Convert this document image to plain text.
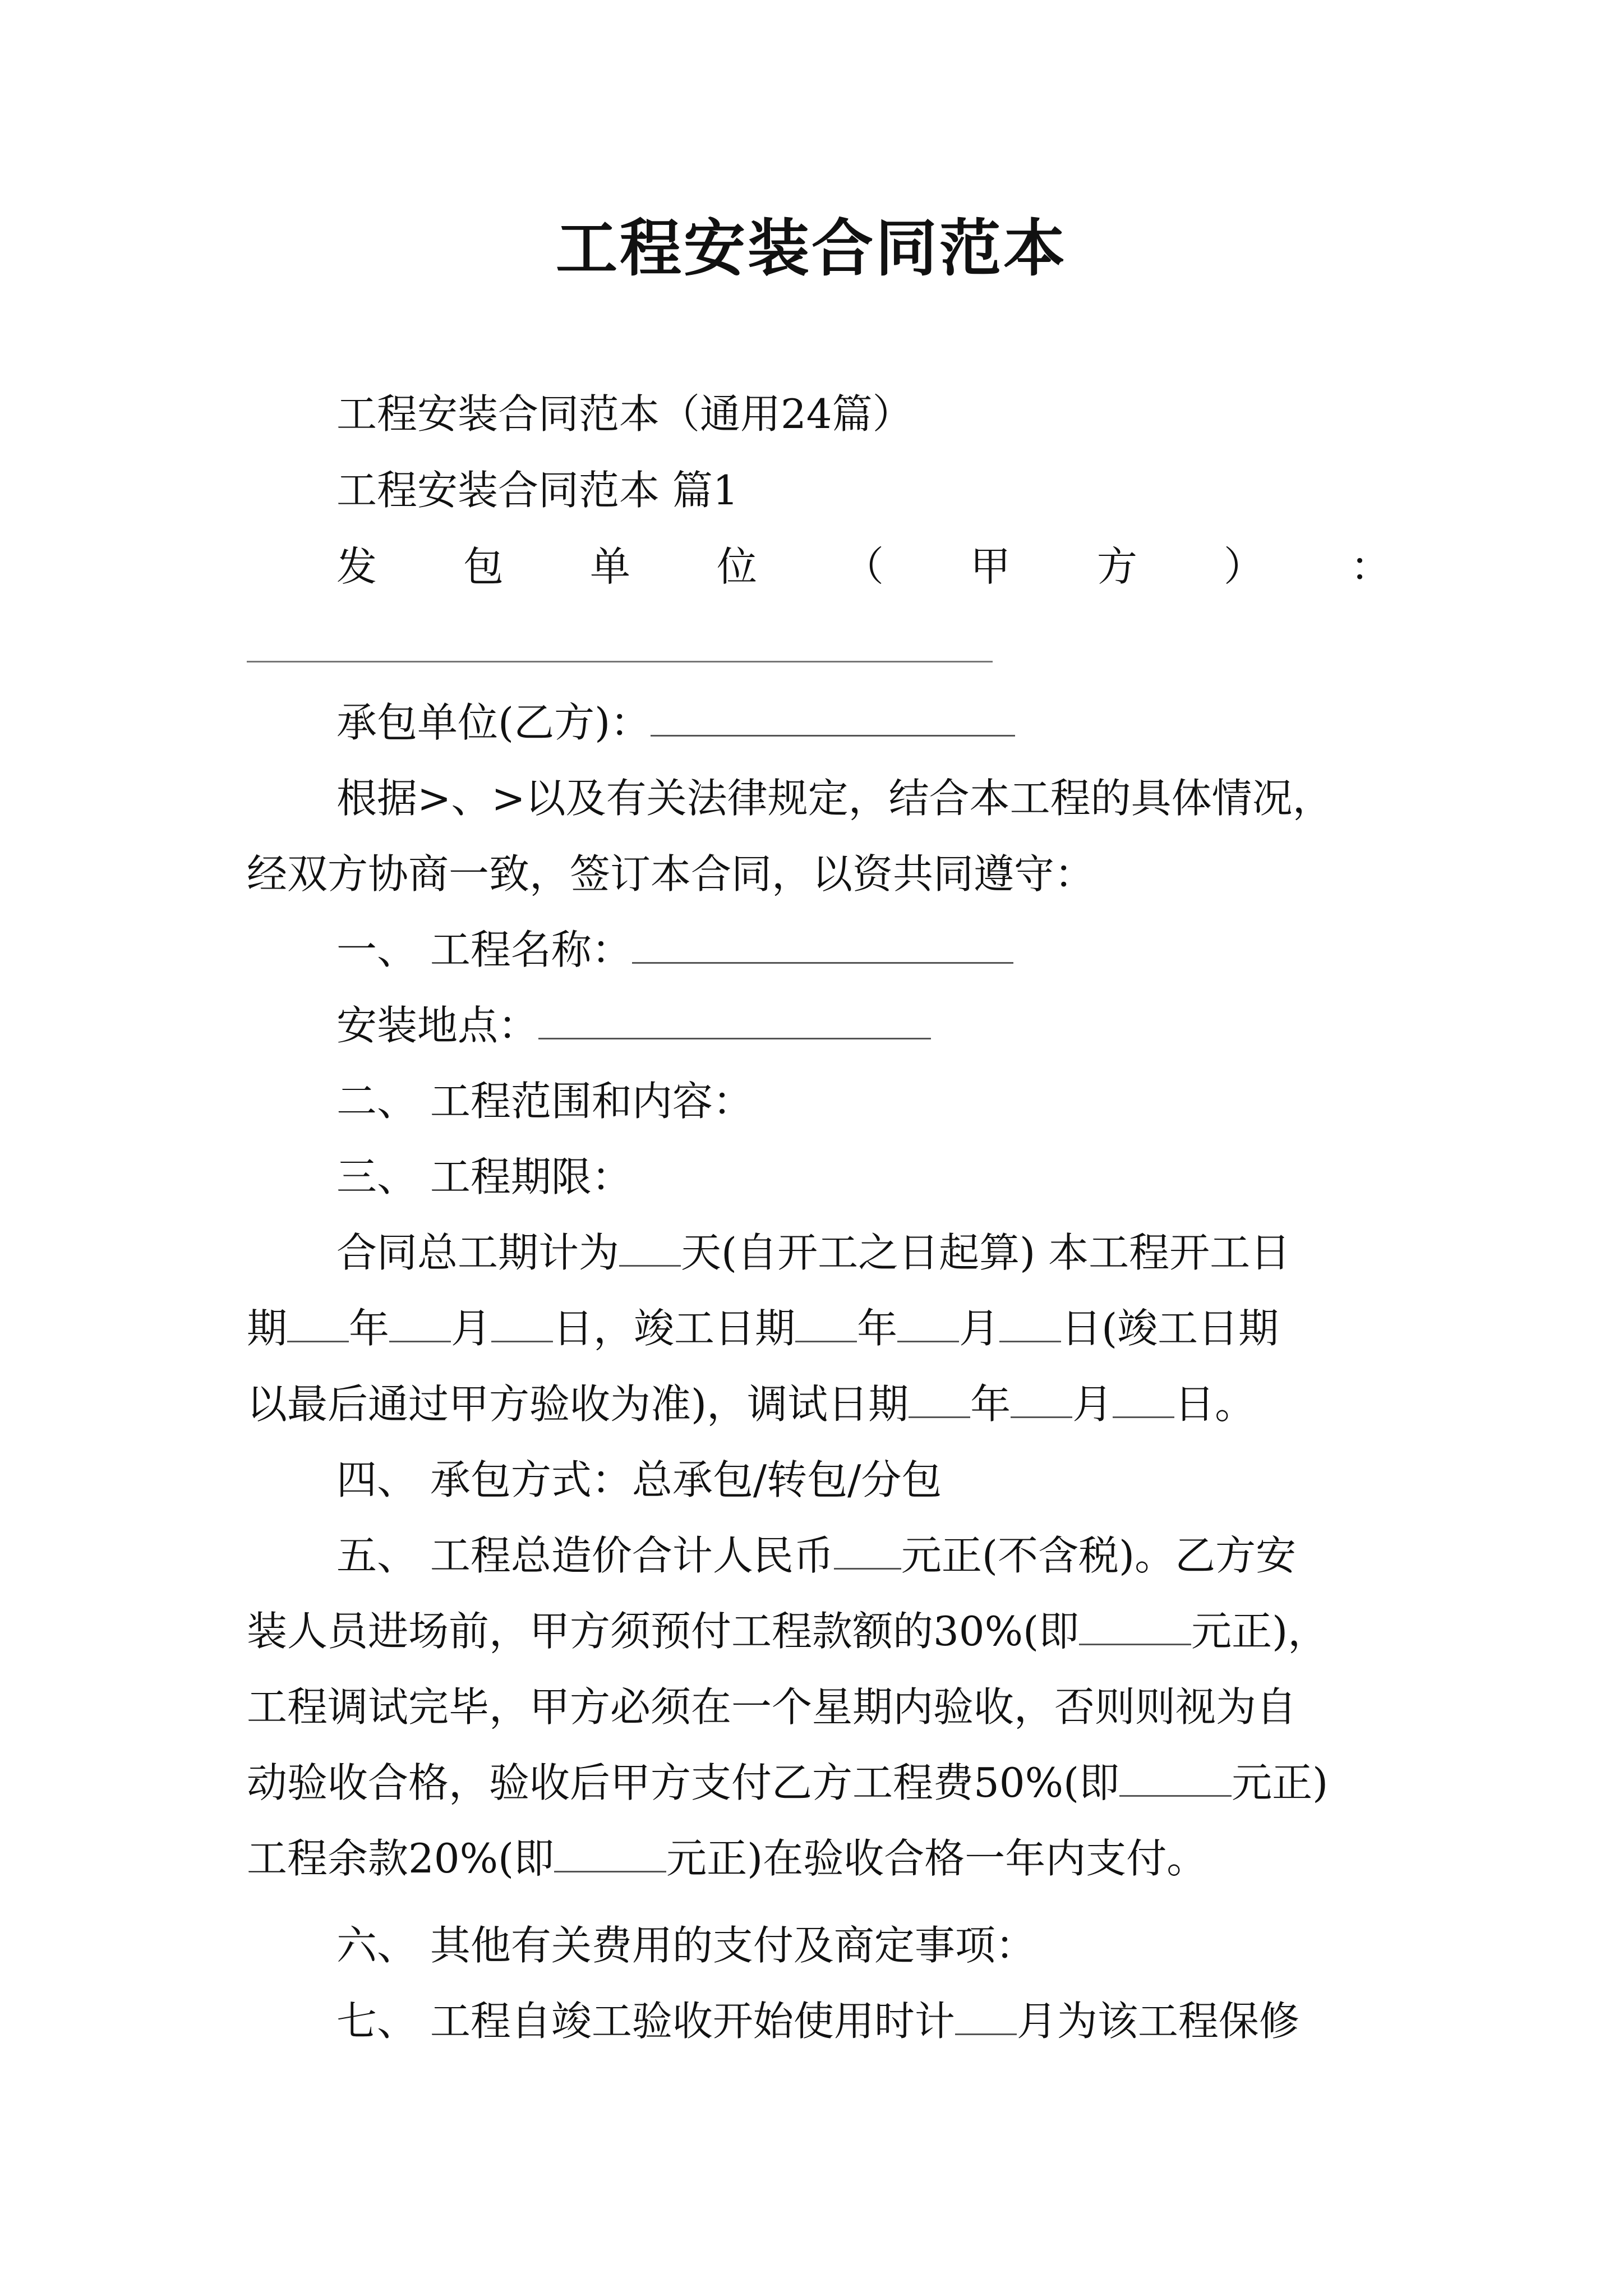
工程安装合同范本
工程安装合同范本（通用24篇）
工程安装合同范本 篇1
发 包 单 位 （ 甲 方 ） ：
承包单位(乙方)：
根据>、>以及有关法律规定，结合本工程的具体情况，
经双方协商一致，签订本合同，以资共同遵守：
一、 工程名称：
安装地点：
二、 工程范围和内容：
三、 工程期限：
合同总工期计为 天(自开工之日起算) 本工程开工日
期 年 月 日，竣工日期 年 月 日(竣工日期
以最后通过甲方验收为准)，调试日期 年 月 日。
四、 承包方式：总承包/转包/分包
五、 工程总造价合计人民币 元正(不含税)。乙方安
装人员进场前，甲方须预付工程款额的30%(即	元正)，
工程调试完毕，甲方必须在一个星期内验收，否则则视为自
动验收合格，验收后甲方支付乙方工程费50%(即	元正)
工程余款20%(即	元正)在验收合格一年内支付。
六、 其他有关费用的支付及商定事项：
七、 工程自竣工验收开始使用时计 月为该工程保修
